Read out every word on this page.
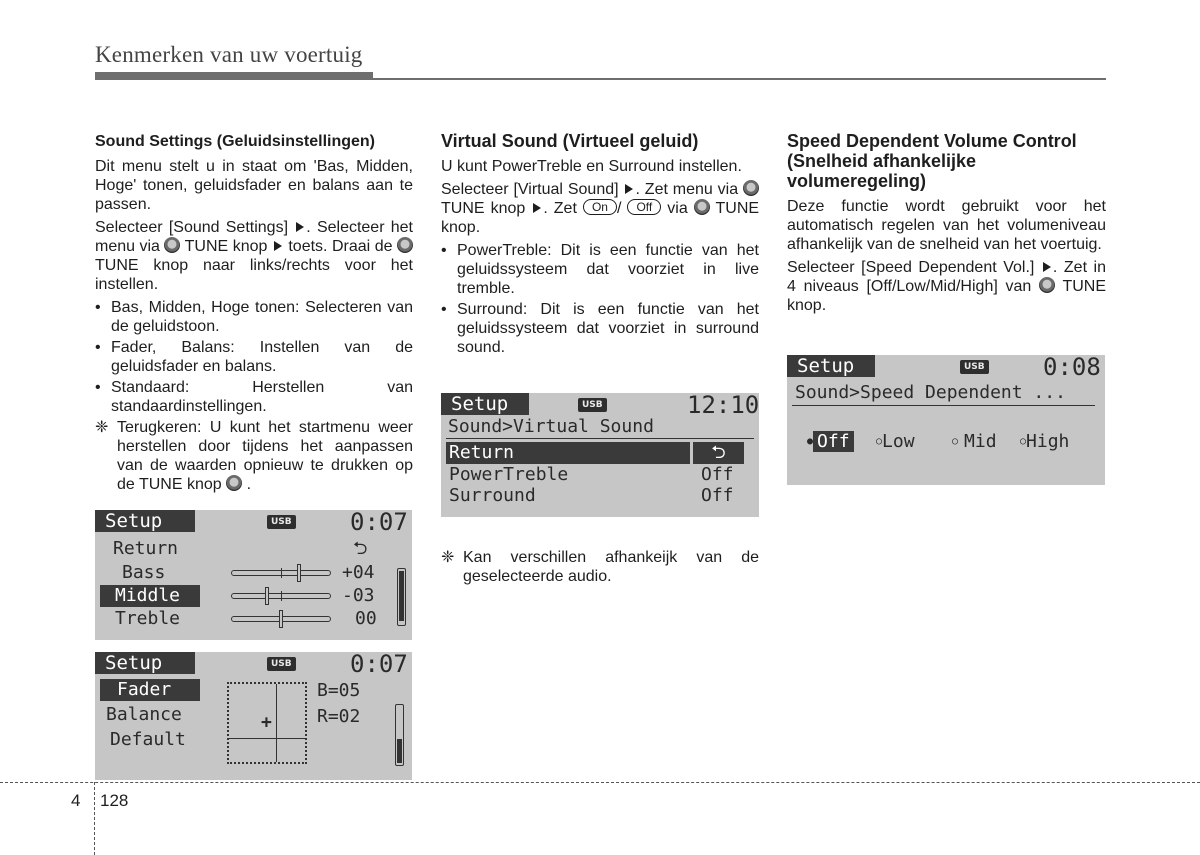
Kenmerken van uw voertuig
Sound Settings (Geluidsinstellingen)

Dit menu stelt u in staat om 'Bas, Midden, Hoge' tonen, geluidsfader en balans aan te passen.

Selecteer [Sound Settings] . Selecteer het menu via TUNE knop toets. Draai de TUNE knop naar links/rechts voor het instellen.

• Bas, Midden, Hoge tonen: Selecteren van de geluidstoon.
• Fader, Balans: Instellen van de geluidsfader en balans.
• Standaard: Herstellen van standaardinstellingen.
❈ Terugkeren: U kunt het startmenu weer herstellen door tijdens het aanpassen van de waarden opnieuw te drukken op de TUNE knop .
Setup	USB 0:07
Return	⮌
Bass	+04
Middle	-03
Treble	00
Setup	USB 0:07
Fader
Balance
Default
+
B=05
R=02
Virtual Sound (Virtueel geluid)

U kunt PowerTreble en Surround instellen.

Selecteer [Virtual Sound] . Zet menu via TUNE knop . Zet On / Off via TUNE knop.

• PowerTreble: Dit is een functie van het geluidssysteem dat voorziet in live tremble.
• Surround: Dit is een functie van het geluidssysteem dat voorziet in surround sound.
Setup	USB	12:10
Sound>Virtual Sound
Return	⮌
PowerTreble	Off
Surround	Off
❈ Kan verschillen afhankeijk van de geselecteerde audio.
Speed Dependent Volume Control (Snelheid afhankelijke volumeregeling)

Deze functie wordt gebruikt voor het automatisch regelen van het volumeniveau afhankelijk van de snelheid van het voertuig.

Selecteer [Speed Dependent Vol.] . Zet in 4 niveaus [Off/Low/Mid/High] van TUNE knop.

Setup	USB 0:08
Sound>Speed Dependent ...
● Off	○Low	○ Mid ○High
4 128
